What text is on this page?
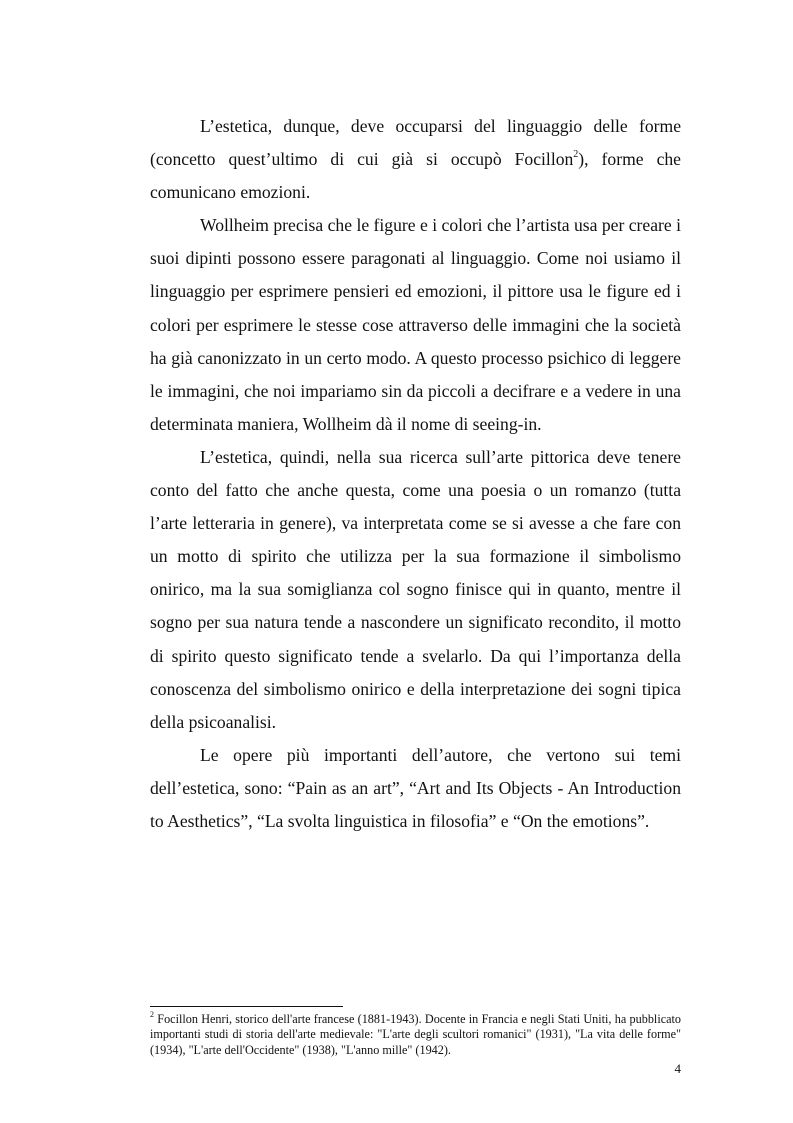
L’estetica, dunque, deve occuparsi del linguaggio delle forme (concetto quest’ultimo di cui già si occupò Focillon$^2$), forme che comunicano emozioni.

Wollheim precisa che le figure e i colori che l’artista usa per creare i suoi dipinti possono essere paragonati al linguaggio. Come noi usiamo il linguaggio per esprimere pensieri ed emozioni, il pittore usa le figure ed i colori per esprimere le stesse cose attraverso delle immagini che la società ha già canonizzato in un certo modo. A questo processo psichico di leggere le immagini, che noi impariamo sin da piccoli a decifrare e a vedere in una determinata maniera, Wollheim dà il nome di seeing-in.

L’estetica, quindi, nella sua ricerca sull’arte pittorica deve tenere conto del fatto che anche questa, come una poesia o un romanzo (tutta l’arte letteraria in genere), va interpretata come se si avesse a che fare con un motto di spirito che utilizza per la sua formazione il simbolismo onirico, ma la sua somiglianza col sogno finisce qui in quanto, mentre il sogno per sua natura tende a nascondere un significato recondito, il motto di spirito questo significato tende a svelarlo. Da qui l’importanza della conoscenza del simbolismo onirico e della interpretazione dei sogni tipica della psicoanalisi.

Le opere più importanti dell’autore, che vertono sui temi dell’estetica, sono: “Pain as an art”, “Art and Its Objects - An Introduction to Aesthetics”, “La svolta linguistica in filosofia” e “On the emotions”.

$^2$ Focillon Henri, storico dell'arte francese (1881-1943). Docente in Francia e negli Stati Uniti, ha pubblicato importanti studi di storia dell'arte medievale: "L'arte degli scultori romanici" (1931), "La vita delle forme" (1934), "L'arte dell'Occidente" (1938), "L'anno mille" (1942).

4
